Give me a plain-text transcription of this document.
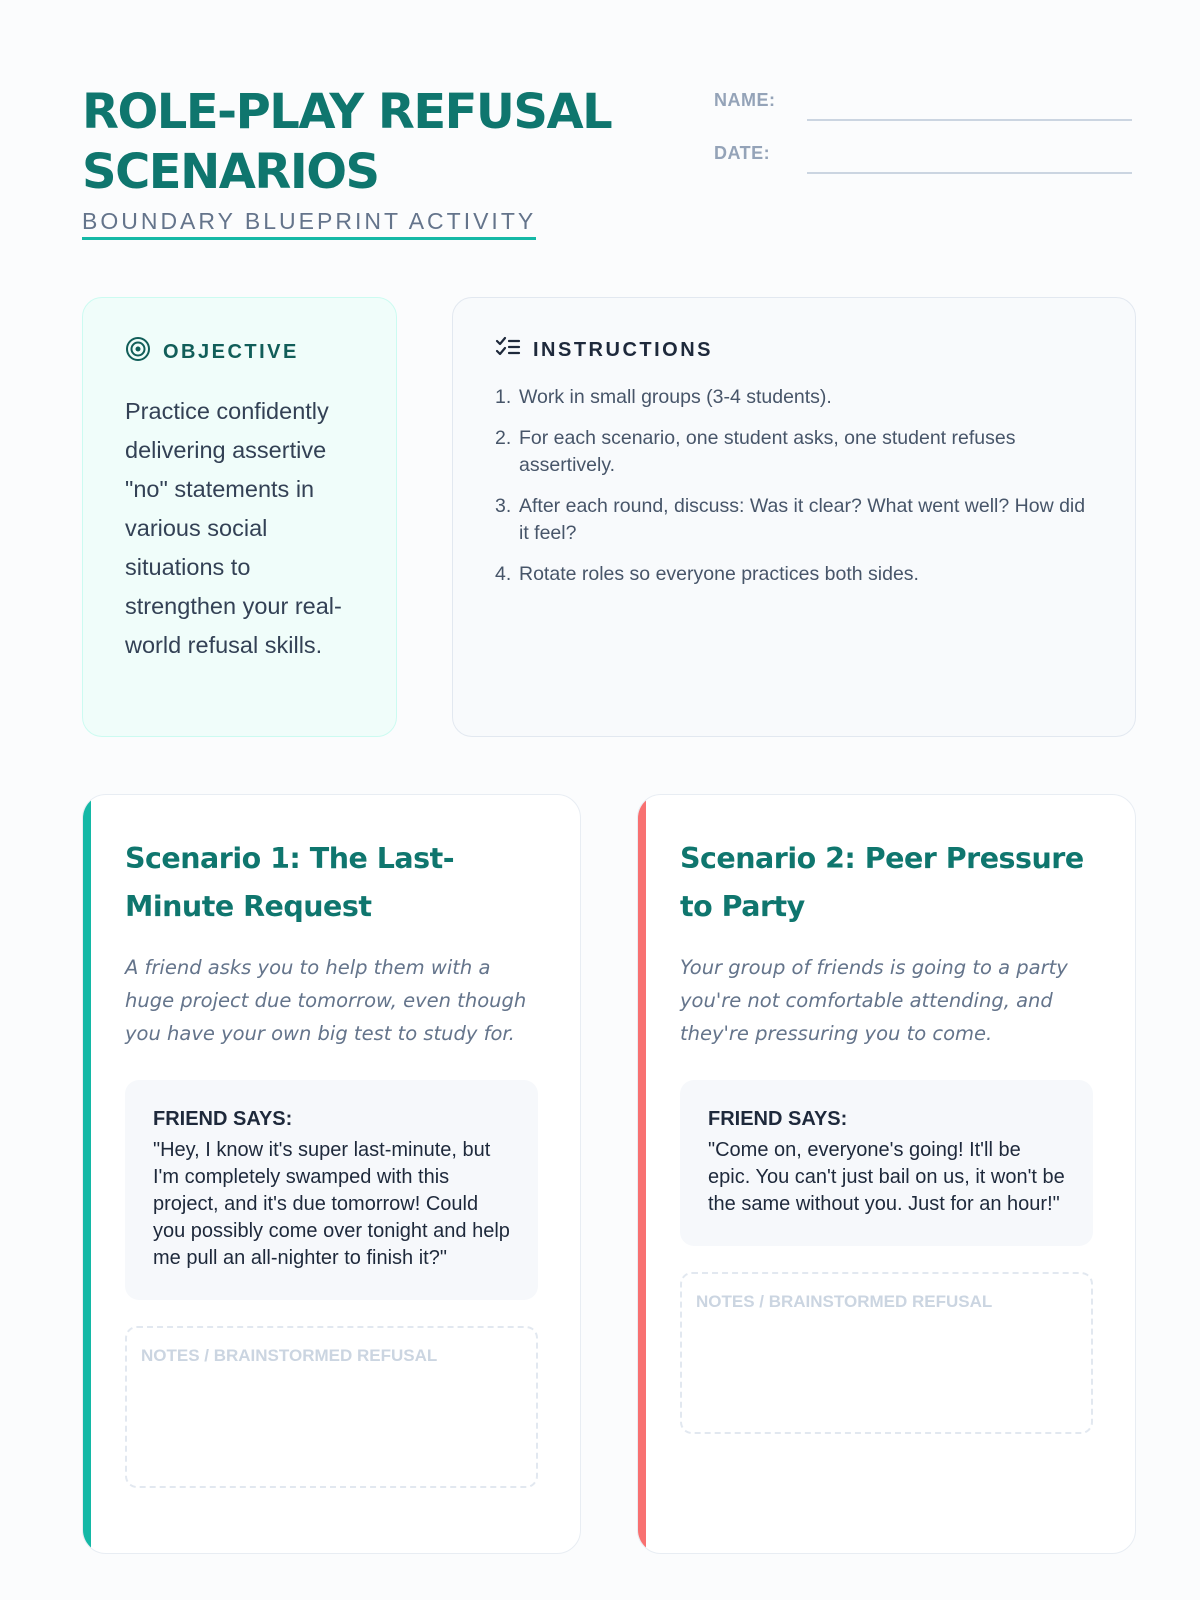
ROLE-PLAY REFUSAL SCENARIOS
BOUNDARY BLUEPRINT ACTIVITY
NAME:
DATE:
OBJECTIVE

Practice confidently delivering assertive "no" statements in various social situations to strengthen your real-world refusal skills.

INSTRUCTIONS
1. Work in small groups (3-4 students).
2. For each scenario, one student asks, one student refuses assertively.
3. After each round, discuss: Was it clear? What went well? How did it feel?
4. Rotate roles so everyone practices both sides.
Scenario 1: The Last-Minute Request

A friend asks you to help them with a huge project due tomorrow, even though you have your own big test to study for.

FRIEND SAYS:
"Hey, I know it's super last-minute, but I'm completely swamped with this project, and it's due tomorrow! Could you possibly come over tonight and help me pull an all-nighter to finish it?"
NOTES / BRAINSTORMED REFUSAL
Scenario 2: Peer Pressure to Party

Your group of friends is going to a party you're not comfortable attending, and they're pressuring you to come.

FRIEND SAYS:
"Come on, everyone's going! It'll be epic. You can't just bail on us, it won't be the same without you. Just for an hour!"
NOTES / BRAINSTORMED REFUSAL
